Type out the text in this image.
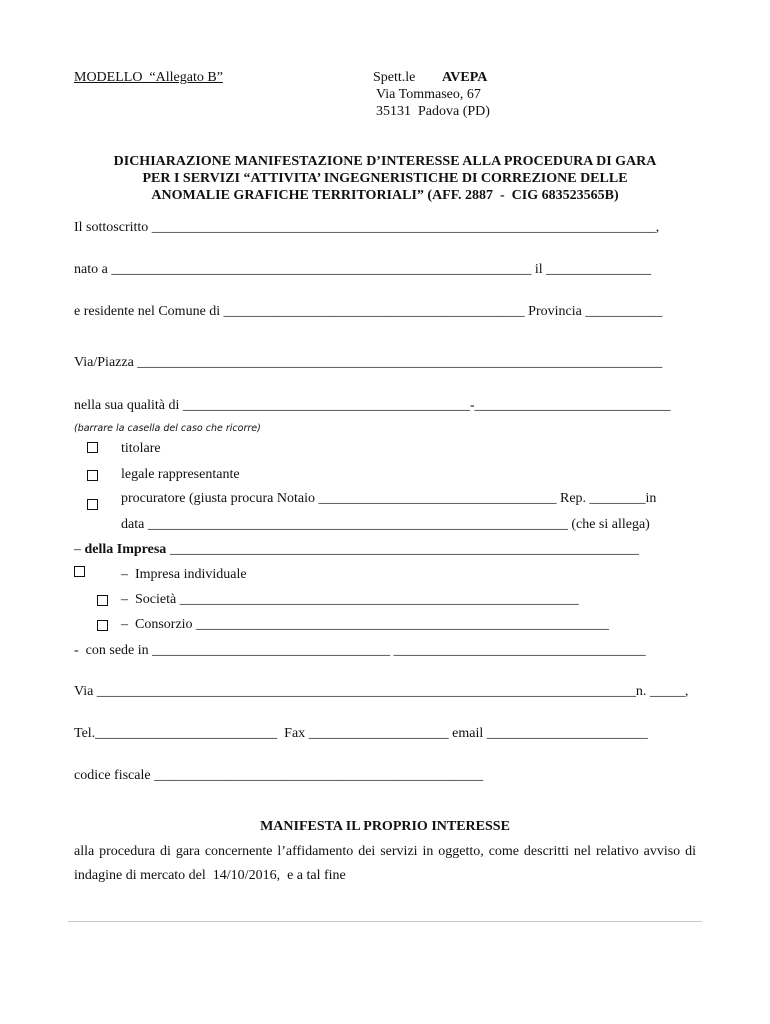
MODELLO  “Allegato B”	Spett.le AVEPA
Via Tommaseo, 67
35131  Padova (PD)
DICHIARAZIONE MANIFESTAZIONE D’INTERESSE ALLA PROCEDURA DI GARA
PER I SERVIZI “ATTIVITA’ INGEGNERISTICHE DI CORREZIONE DELLE
ANOMALIE GRAFICHE TERRITORIALI” (AFF. 2887  -  CIG 683523565B)
Il sottoscritto ________________________________________________________________________,
nato a ____________________________________________________________ il _______________
e residente nel Comune di ___________________________________________ Provincia ___________
Via/Piazza ___________________________________________________________________________
nella sua qualità di _________________________________________-____________________________
(barrare la casella del caso che ricorre)
titolare
legale rappresentante
procuratore (giusta procura Notaio __________________________________ Rep. ________in
data ____________________________________________________________ (che si allega)
– della Impresa ___________________________________________________________________
–  Impresa individuale
–  Società _________________________________________________________
–  Consorzio ___________________________________________________________
-  con sede in __________________________________ ____________________________________
Via _____________________________________________________________________________n. _____,
Tel.__________________________  Fax ____________________ email _______________________
codice fiscale _______________________________________________
MANIFESTA IL PROPRIO INTERESSE
alla procedura di gara concernente l’affidamento dei servizi in oggetto, come descritti nel relativo avviso di indagine di mercato del  14/10/2016,  e a tal fine
